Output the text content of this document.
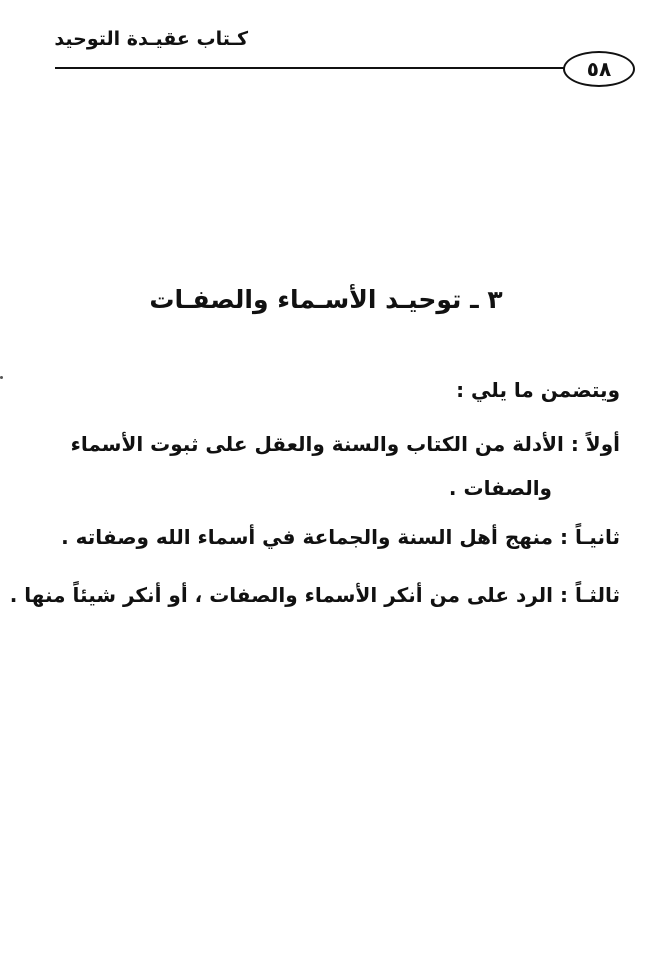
كـتاب عقيـدة التوحيد
٥٨
٣ ـ توحيـد الأسـماء والصفـات
ويتضمن ما يلي :
أولاً : الأدلة من الكتاب والسنة والعقل على ثبوت الأسماء
والصفات .
ثانيـاً : منهج أهل السنة والجماعة في أسماء الله وصفاته .
ثالثـاً : الرد على من أنكر الأسماء والصفات ، أو أنكر شيئاً منها .
